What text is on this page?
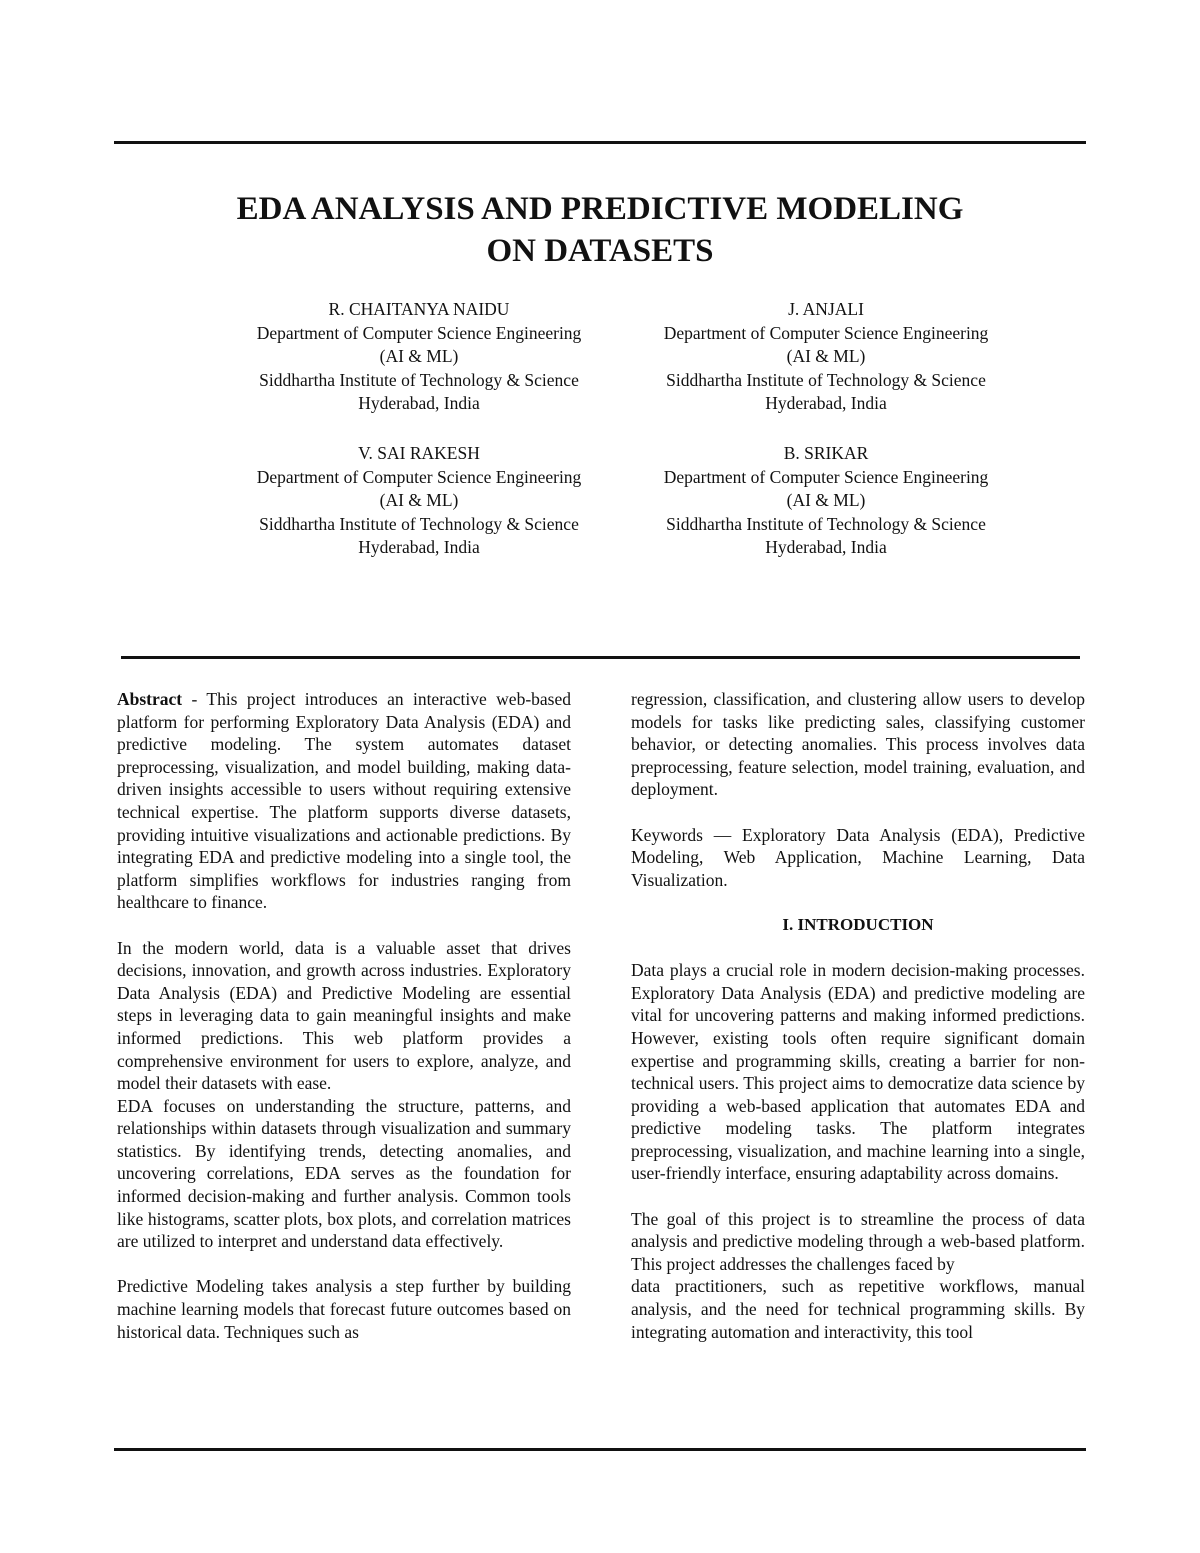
EDA ANALYSIS AND PREDICTIVE MODELING
ON DATASETS
R. CHAITANYA NAIDU
Department of Computer Science Engineering
(AI & ML)
Siddhartha Institute of Technology & Science
Hyderabad, India
J. ANJALI
Department of Computer Science Engineering
(AI & ML)
Siddhartha Institute of Technology & Science
Hyderabad, India
V. SAI RAKESH
Department of Computer Science Engineering
(AI & ML)
Siddhartha Institute of Technology & Science
Hyderabad, India
B. SRIKAR
Department of Computer Science Engineering
(AI & ML)
Siddhartha Institute of Technology & Science
Hyderabad, India

Abstract - This project introduces an interactive web-based platform for performing Exploratory Data Analysis (EDA) and predictive modeling. The system automates dataset preprocessing, visualization, and model building, making data-driven insights accessible to users without requiring extensive technical expertise. The platform supports diverse datasets, providing intuitive visualizations and actionable predictions. By integrating EDA and predictive modeling into a single tool, the platform simplifies workflows for industries ranging from healthcare to finance.

In the modern world, data is a valuable asset that drives decisions, innovation, and growth across industries. Exploratory Data Analysis (EDA) and Predictive Modeling are essential steps in leveraging data to gain meaningful insights and make informed predictions. This web platform provides a comprehensive environment for users to explore, analyze, and model their datasets with ease.

EDA focuses on understanding the structure, patterns, and relationships within datasets through visualization and summary statistics. By identifying trends, detecting anomalies, and uncovering correlations, EDA serves as the foundation for informed decision-making and further analysis. Common tools like histograms, scatter plots, box plots, and correlation matrices are utilized to interpret and understand data effectively.

Predictive Modeling takes analysis a step further by building machine learning models that forecast future outcomes based on historical data. Techniques such as

regression, classification, and clustering allow users to develop models for tasks like predicting sales, classifying customer behavior, or detecting anomalies. This process involves data preprocessing, feature selection, model training, evaluation, and deployment.

Keywords — Exploratory Data Analysis (EDA), Predictive Modeling, Web Application, Machine Learning, Data Visualization.

I. INTRODUCTION

Data plays a crucial role in modern decision-making processes. Exploratory Data Analysis (EDA) and predictive modeling are vital for uncovering patterns and making informed predictions. However, existing tools often require significant domain expertise and programming skills, creating a barrier for non-technical users. This project aims to democratize data science by providing a web-based application that automates EDA and predictive modeling tasks. The platform integrates preprocessing, visualization, and machine learning into a single, user-friendly interface, ensuring adaptability across domains.

The goal of this project is to streamline the process of data analysis and predictive modeling through a web-based platform. This project addresses the challenges faced by

data practitioners, such as repetitive workflows, manual analysis, and the need for technical programming skills. By integrating automation and interactivity, this tool
